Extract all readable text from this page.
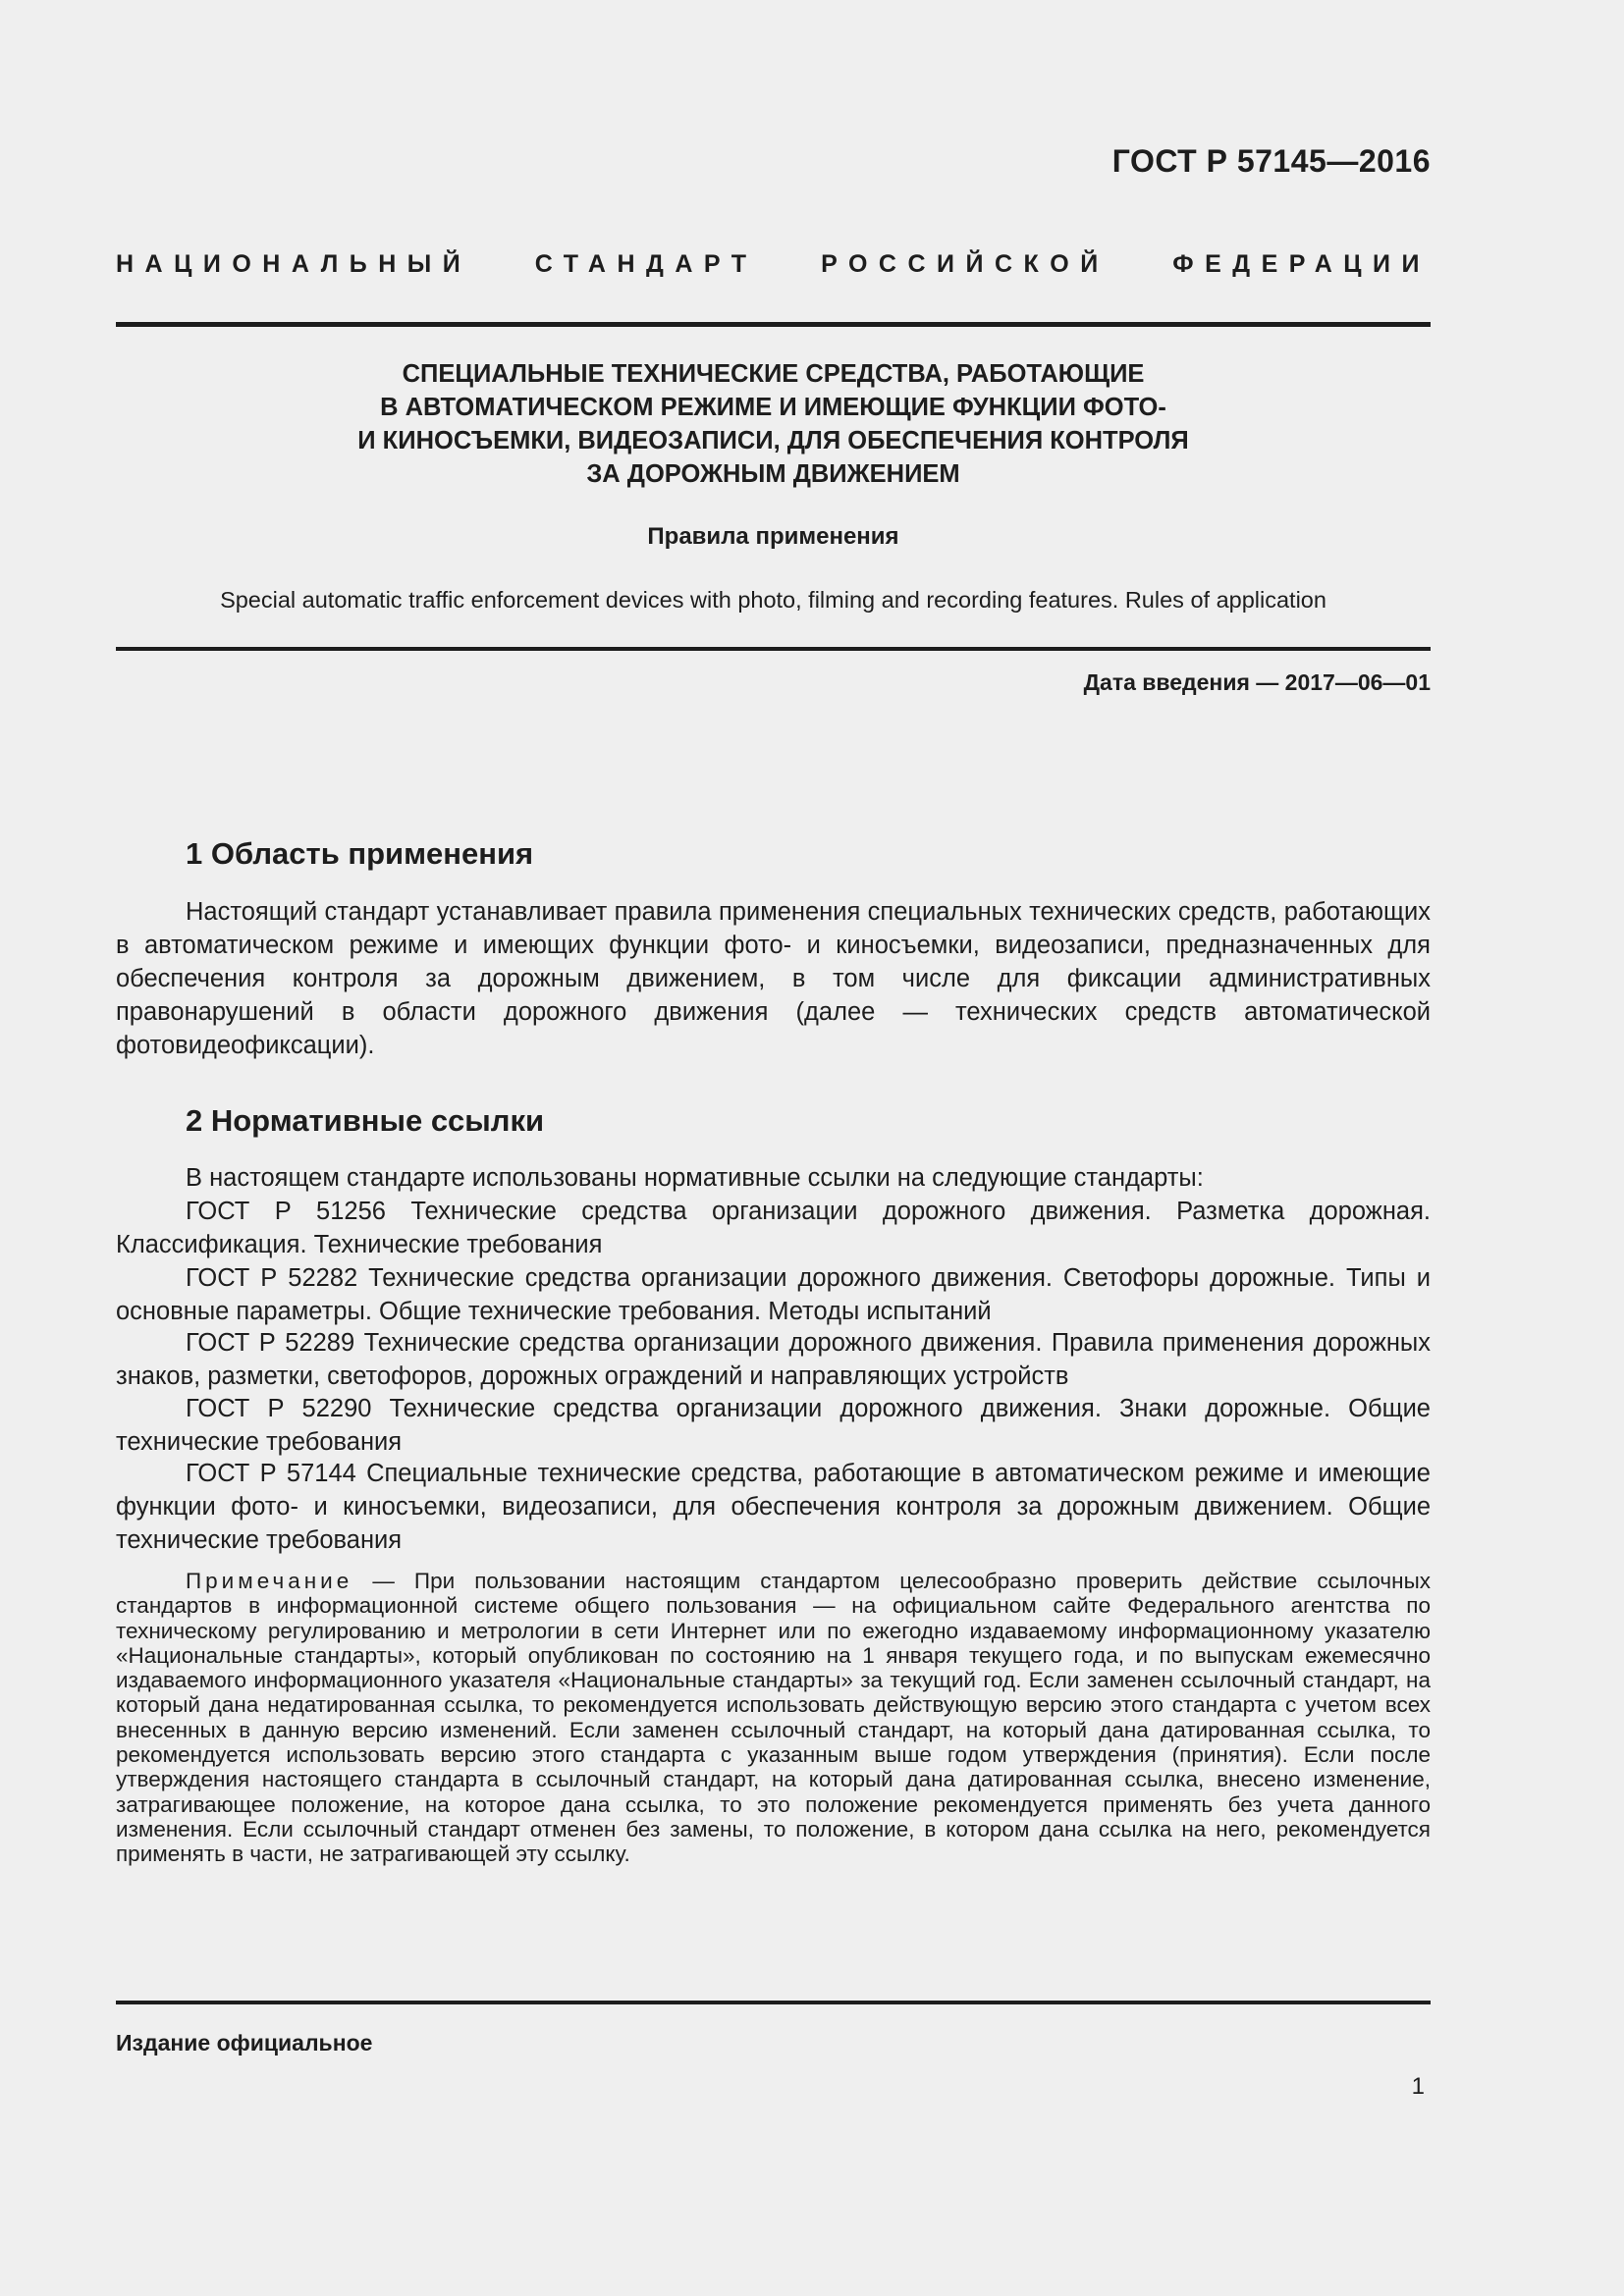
ГОСТ Р 57145—2016
НАЦИОНАЛЬНЫЙ СТАНДАРТ РОССИЙСКОЙ ФЕДЕРАЦИИ
СПЕЦИАЛЬНЫЕ ТЕХНИЧЕСКИЕ СРЕДСТВА, РАБОТАЮЩИЕ
В АВТОМАТИЧЕСКОМ РЕЖИМЕ И ИМЕЮЩИЕ ФУНКЦИИ ФОТО-
И КИНОСЪЕМКИ, ВИДЕОЗАПИСИ, ДЛЯ ОБЕСПЕЧЕНИЯ КОНТРОЛЯ
ЗА ДОРОЖНЫМ ДВИЖЕНИЕМ
Правила применения
Special automatic traffic enforcement devices with photo, filming and recording features. Rules of application
Дата введения — 2017—06—01
1 Область применения

Настоящий стандарт устанавливает правила применения специальных технических средств, работающих в автоматическом режиме и имеющих функции фото- и киносъемки, видеозаписи, предназначенных для обеспечения контроля за дорожным движением, в том числе для фиксации административных правонарушений в области дорожного движения (далее — технических средств автоматической фотовидеофиксации).

2 Нормативные ссылки

В настоящем стандарте использованы нормативные ссылки на следующие стандарты:

ГОСТ Р 51256 Технические средства организации дорожного движения. Разметка дорожная. Классификация. Технические требования

ГОСТ Р 52282 Технические средства организации дорожного движения. Светофоры дорожные. Типы и основные параметры. Общие технические требования. Методы испытаний

ГОСТ Р 52289 Технические средства организации дорожного движения. Правила применения дорожных знаков, разметки, светофоров, дорожных ограждений и направляющих устройств

ГОСТ Р 52290 Технические средства организации дорожного движения. Знаки дорожные. Общие технические требования

ГОСТ Р 57144 Специальные технические средства, работающие в автоматическом режиме и имеющие функции фото- и киносъемки, видеозаписи, для обеспечения контроля за дорожным движением. Общие технические требования

Примечание — При пользовании настоящим стандартом целесообразно проверить действие ссылочных стандартов в информационной системе общего пользования — на официальном сайте Федерального агентства по техническому регулированию и метрологии в сети Интернет или по ежегодно издаваемому информационному указателю «Национальные стандарты», который опубликован по состоянию на 1 января текущего года, и по выпускам ежемесячно издаваемого информационного указателя «Национальные стандарты» за текущий год. Если заменен ссылочный стандарт, на который дана недатированная ссылка, то рекомендуется использовать действующую версию этого стандарта с учетом всех внесенных в данную версию изменений. Если заменен ссылочный стандарт, на который дана датированная ссылка, то рекомендуется использовать версию этого стандарта с указанным выше годом утверждения (принятия). Если после утверждения настоящего стандарта в ссылочный стандарт, на который дана датированная ссылка, внесено изменение, затрагивающее положение, на которое дана ссылка, то это положение рекомендуется применять без учета данного изменения. Если ссылочный стандарт отменен без замены, то положение, в котором дана ссылка на него, рекомендуется применять в части, не затрагивающей эту ссылку.

Издание официальное
1
